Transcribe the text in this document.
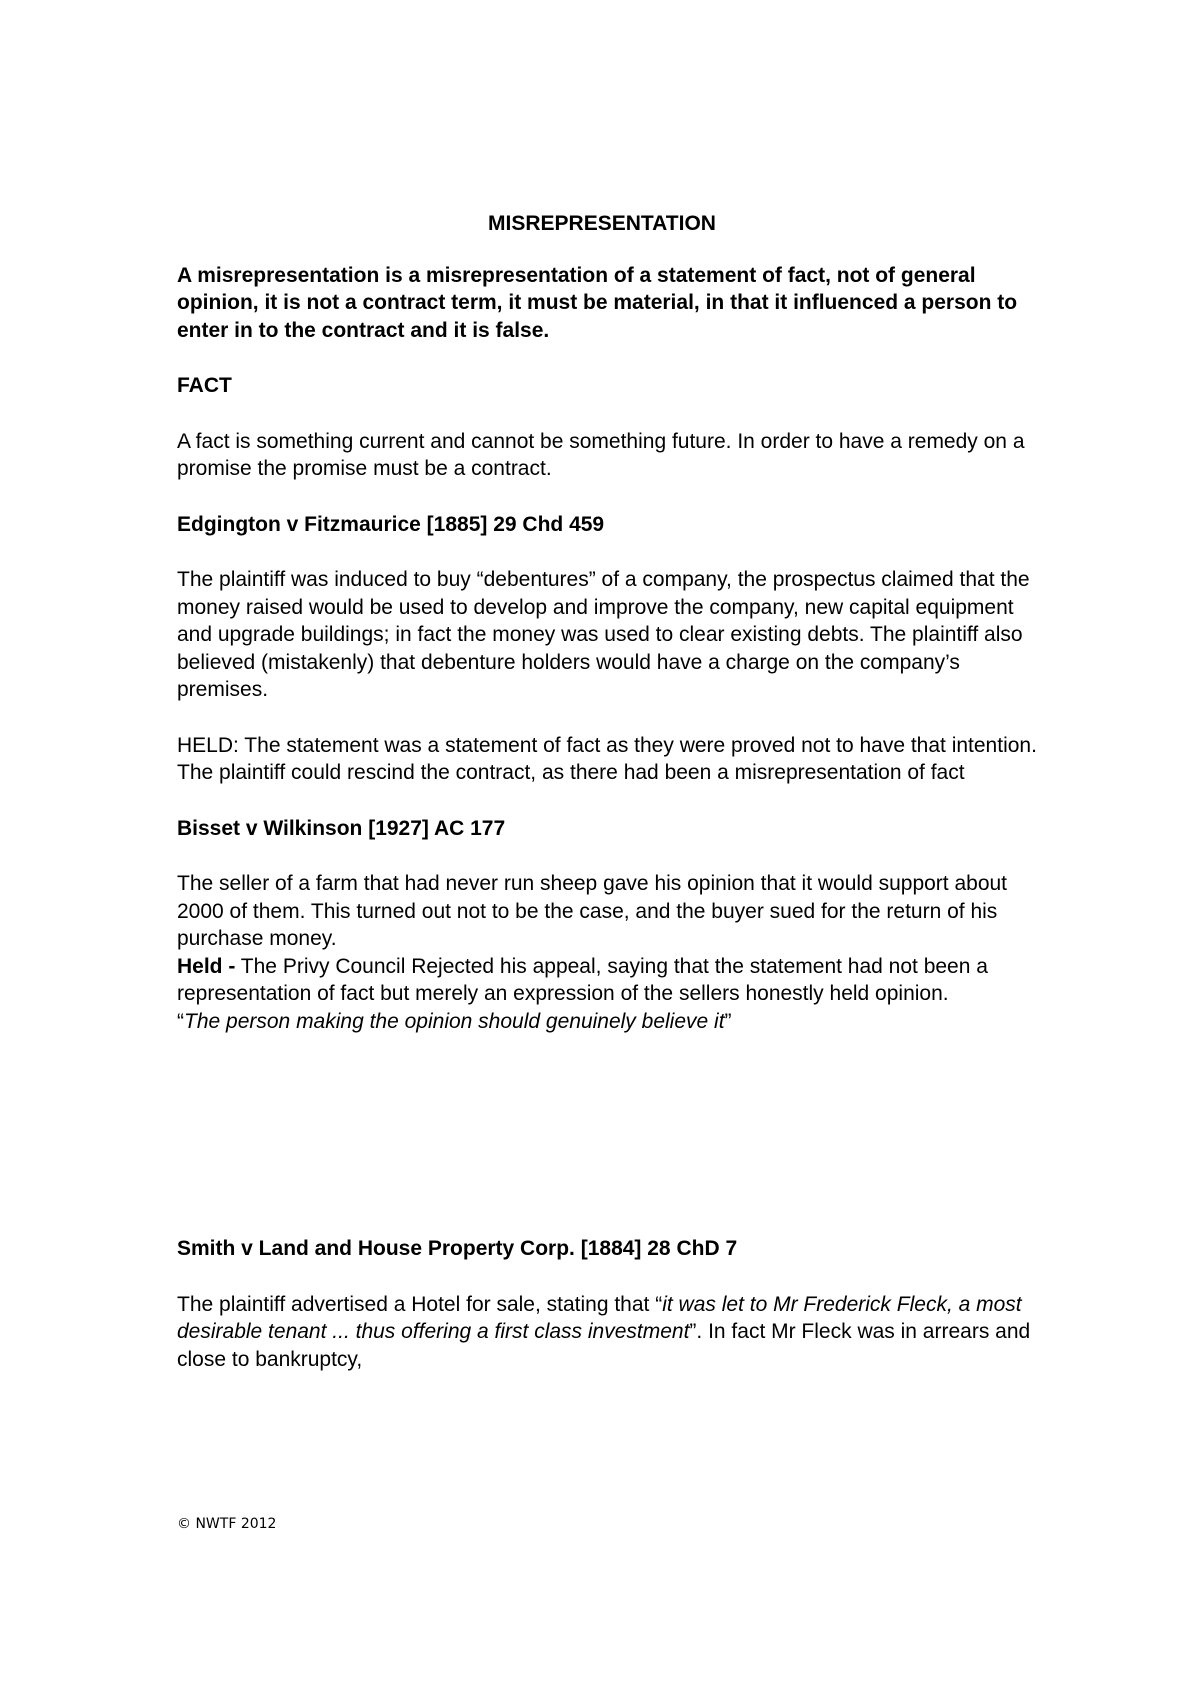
MISREPRESENTATION

A misrepresentation is a misrepresentation of a statement of fact, not of general opinion, it is not a contract term, it must be material, in that it influenced a person to enter in to the contract and it is false.

FACT

A fact is something current and cannot be something future. In order to have a remedy on a promise the promise must be a contract.

Edgington v Fitzmaurice [1885] 29 Chd 459

The plaintiff was induced to buy “debentures” of a company, the prospectus claimed that the money raised would be used to develop and improve the company, new capital equipment and upgrade buildings; in fact the money was used to clear existing debts. The plaintiff also believed (mistakenly) that debenture holders would have a charge on the company’s premises.

HELD: The statement was a statement of fact as they were proved not to have that intention. The plaintiff could rescind the contract, as there had been a misrepresentation of fact

Bisset v Wilkinson [1927] AC 177

The seller of a farm that had never run sheep gave his opinion that it would support about 2000 of them. This turned out not to be the case, and the buyer sued for the return of his purchase money.

Held - The Privy Council Rejected his appeal, saying that the statement had not been a representation of fact but merely an expression of the sellers honestly held opinion.

“The person making the opinion should genuinely believe it”

Smith v Land and House Property Corp. [1884] 28 ChD 7

The plaintiff advertised a Hotel for sale, stating that “it was let to Mr Frederick Fleck, a most desirable tenant ... thus offering a first class investment”. In fact Mr Fleck was in arrears and close to bankruptcy,

© NWTF 2012
